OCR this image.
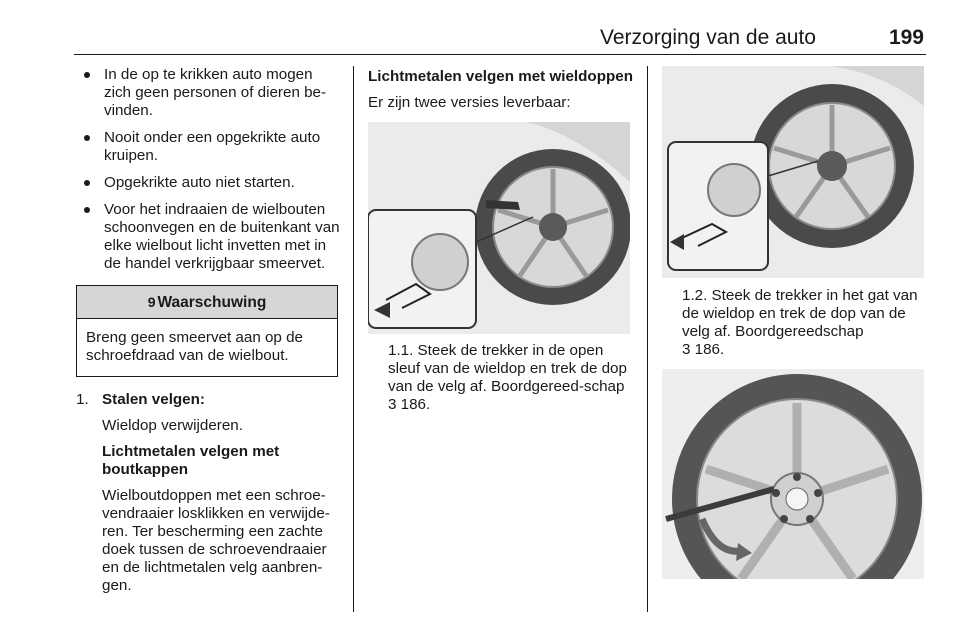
Verzorging van de auto	199
In de op te krikken auto mogen zich geen personen of dieren be-vinden.
Nooit onder een opgekrikte auto kruipen.
Opgekrikte auto niet starten.
Voor het indraaien de wielbouten schoonvegen en de buitenkant van elke wielbout licht invetten met in de handel verkrijgbaar smeervet.
9 Waarschuwing
Breng geen smeervet aan op de schroefdraad van de wielbout.
1. Stalen velgen:
Wieldop verwijderen.
Lichtmetalen velgen met boutkappen
Wielboutdoppen met een schroe-vendraaier losklikken en verwijde-ren. Ter bescherming een zachte doek tussen de schroevendraaier en de lichtmetalen velg aanbren-gen.
Lichtmetalen velgen met wieldoppen
Er zijn twee versies leverbaar:
1.1. Steek de trekker in de open sleuf van de wieldop en trek de dop van de velg af. Boordgereed-schap
3 186.
1.2. Steek de trekker in het gat van de wieldop en trek de dop van de velg af. Boordgereedschap
3 186.
